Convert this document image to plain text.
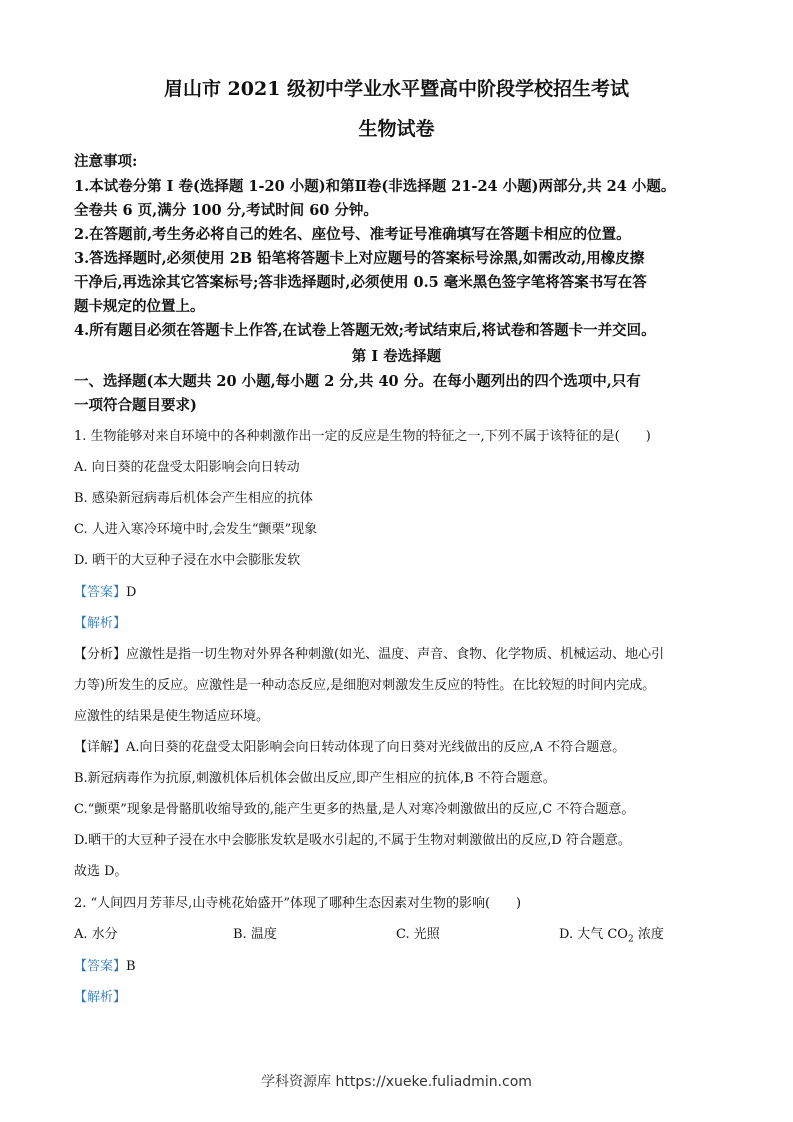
眉山市 2021 级初中学业水平暨高中阶段学校招生考试
生物试卷
注意事项:
1.本试卷分第 I 卷(选择题 1-20 小题)和第Ⅱ卷(非选择题 21-24 小题)两部分,共 24 小题。
全卷共 6 页,满分 100 分,考试时间 60 分钟。
2.在答题前,考生务必将自己的姓名、座位号、准考证号准确填写在答题卡相应的位置。
3.答选择题时,必须使用 2B 铅笔将答题卡上对应题号的答案标号涂黑,如需改动,用橡皮擦
干净后,再选涂其它答案标号;答非选择题时,必须使用 0.5 毫米黑色签字笔将答案书写在答
题卡规定的位置上。
4.所有题目必须在答题卡上作答,在试卷上答题无效;考试结束后,将试卷和答题卡一并交回。
第 I 卷选择题
一、选择题(本大题共 20 小题,每小题 2 分,共 40 分。在每小题列出的四个选项中,只有
一项符合题目要求)
1. 生物能够对来自环境中的各种刺激作出一定的反应是生物的特征之一,下列不属于该特征的是(　　)
A. 向日葵的花盘受太阳影响会向日转动
B. 感染新冠病毒后机体会产生相应的抗体
C. 人进入寒冷环境中时,会发生“颤栗”现象
D. 晒干的大豆种子浸在水中会膨胀发软
【答案】D
【解析】
【分析】应激性是指一切生物对外界各种刺激(如光、温度、声音、食物、化学物质、机械运动、地心引
力等)所发生的反应。应激性是一种动态反应,是细胞对刺激发生反应的特性。在比较短的时间内完成。
应激性的结果是使生物适应环境。
【详解】A.向日葵的花盘受太阳影响会向日转动体现了向日葵对光线做出的反应,A 不符合题意。
B.新冠病毒作为抗原,刺激机体后机体会做出反应,即产生相应的抗体,B 不符合题意。
C.“颤栗”现象是骨骼肌收缩导致的,能产生更多的热量,是人对寒冷刺激做出的反应,C 不符合题意。
D.晒干的大豆种子浸在水中会膨胀发软是吸水引起的,不属于生物对刺激做出的反应,D 符合题意。
故选 D。
2. “人间四月芳菲尽,山寺桃花始盛开”体现了哪种生态因素对生物的影响(　　)
A. 水分	B. 温度	C. 光照	D. 大气 $CO_2$ 浓度
【答案】B
【解析】
学科资源库 https://xueke.fuliadmin.com
